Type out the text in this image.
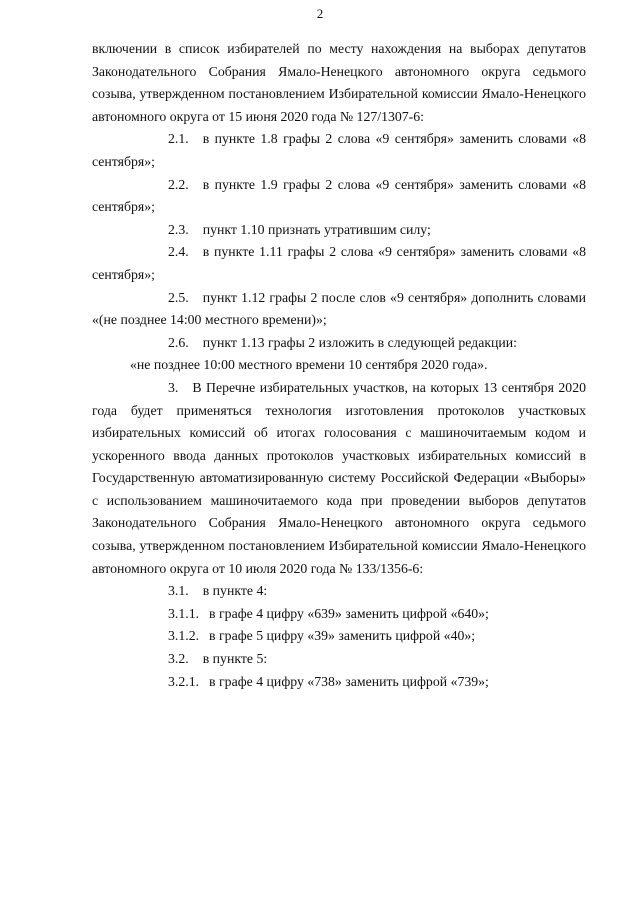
2

включении в список избирателей по месту нахождения на выборах депутатов Законодательного Собрания Ямало-Ненецкого автономного округа седьмого созыва, утвержденном постановлением Избирательной комиссии Ямало-Ненецкого автономного округа от 15 июня 2020 года № 127/1307-6:

2.1. в пункте 1.8 графы 2 слова «9 сентября» заменить словами «8 сентября»;

2.2. в пункте 1.9 графы 2 слова «9 сентября» заменить словами «8 сентября»;

2.3. пункт 1.10 признать утратившим силу;

2.4. в пункте 1.11 графы 2 слова «9 сентября» заменить словами «8 сентября»;

2.5. пункт 1.12 графы 2 после слов «9 сентября» дополнить словами «(не позднее 14:00 местного времени)»;

2.6. пункт 1.13 графы 2 изложить в следующей редакции:

«не позднее 10:00 местного времени 10 сентября 2020 года».

3. В Перечне избирательных участков, на которых 13 сентября 2020 года будет применяться технология изготовления протоколов участковых избирательных комиссий об итогах голосования с машиночитаемым кодом и ускоренного ввода данных протоколов участковых избирательных комиссий в Государственную автоматизированную систему Российской Федерации «Выборы» с использованием машиночитаемого кода при проведении выборов депутатов Законодательного Собрания Ямало-Ненецкого автономного округа седьмого созыва, утвержденном постановлением Избирательной комиссии Ямало-Ненецкого автономного округа от 10 июля 2020 года № 133/1356-6:

3.1. в пункте 4:

3.1.1. в графе 4 цифру «639» заменить цифрой «640»;

3.1.2. в графе 5 цифру «39» заменить цифрой «40»;

3.2. в пункте 5:

3.2.1. в графе 4 цифру «738» заменить цифрой «739»;
